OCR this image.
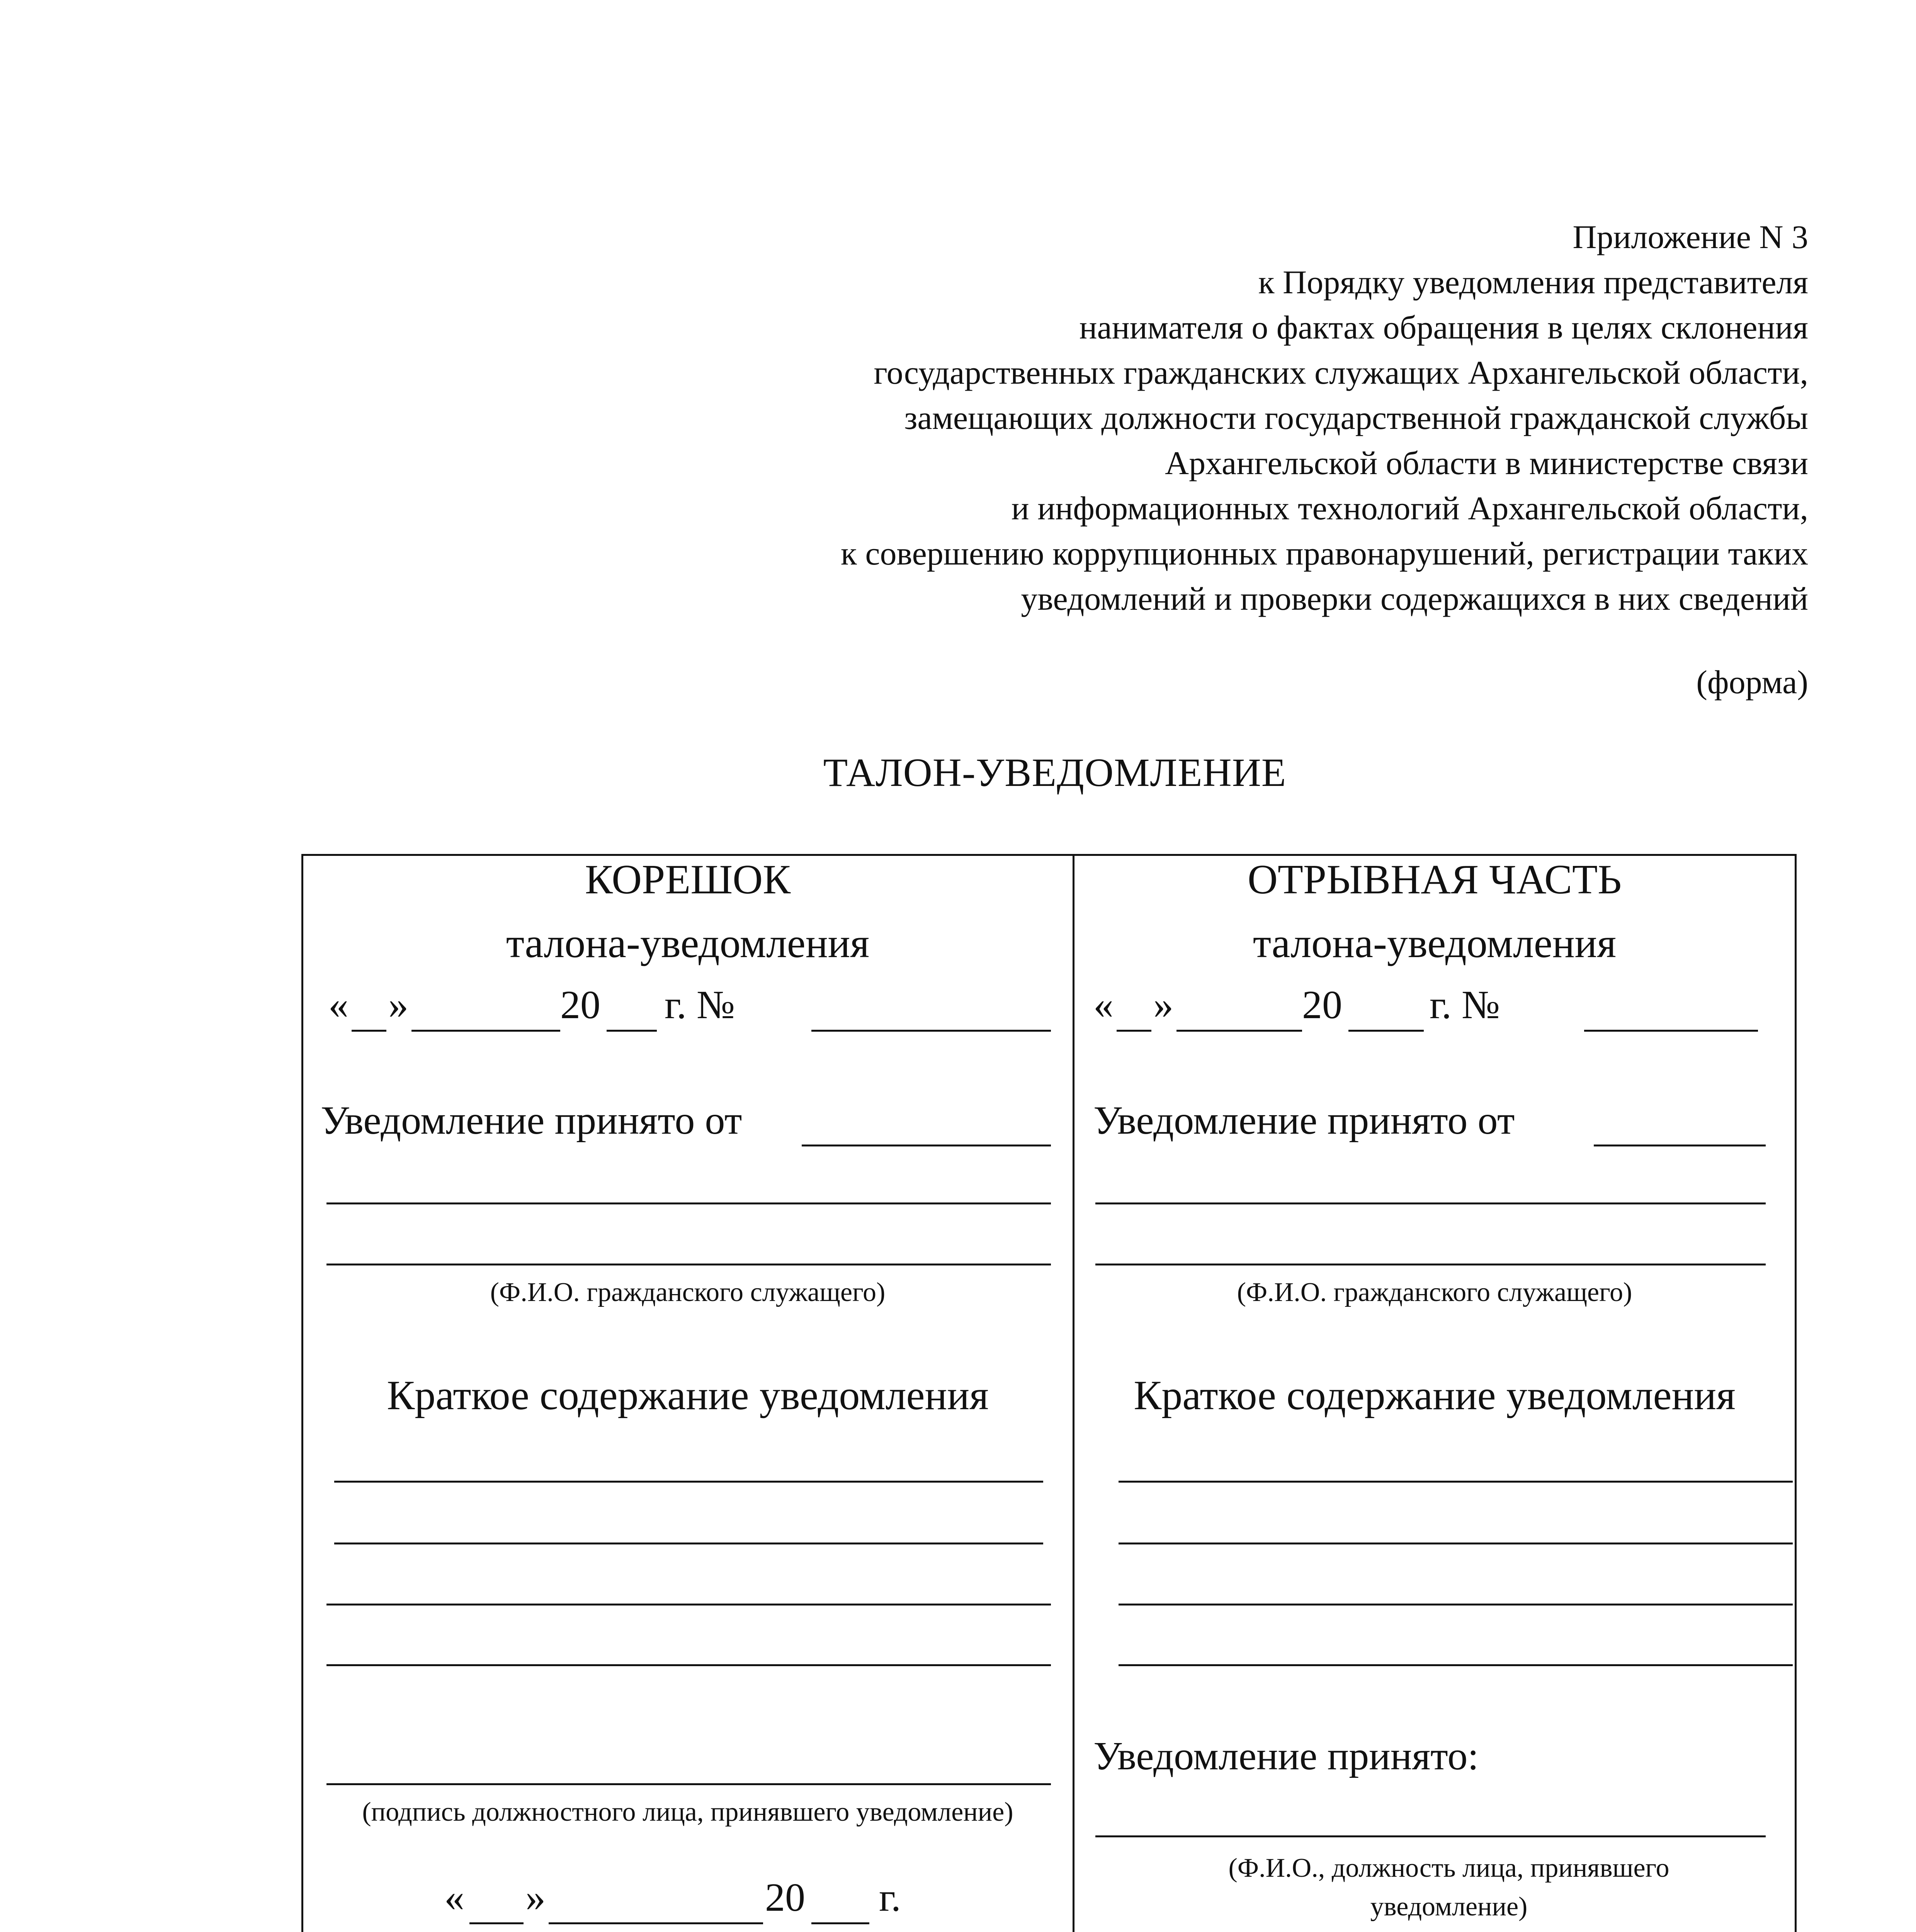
Приложение N 3
к Порядку уведомления представителя
нанимателя о фактах обращения в целях склонения
государственных гражданских служащих Архангельской области,
замещающих должности государственной гражданской службы
Архангельской области в министерстве связи
и информационных технологий Архангельской области,
к совершению коррупционных правонарушений, регистрации таких
уведомлений и проверки содержащихся в них сведений
(форма)
ТАЛОН-УВЕДОМЛЕНИЕ
КОРЕШОК
талона-уведомления
« »	20 г. №
Уведомление принято от
(Ф.И.О. гражданского служащего)
Краткое содержание уведомления
(подпись должностного лица, принявшего уведомление)
« »	20 г.
ОТРЫВНАЯ ЧАСТЬ
талона-уведомления
« »	20 г. №
Уведомление принято от
(Ф.И.О. гражданского служащего)
Краткое содержание уведомления
Уведомление принято:
(Ф.И.О., должность лица, принявшего уведомление)
